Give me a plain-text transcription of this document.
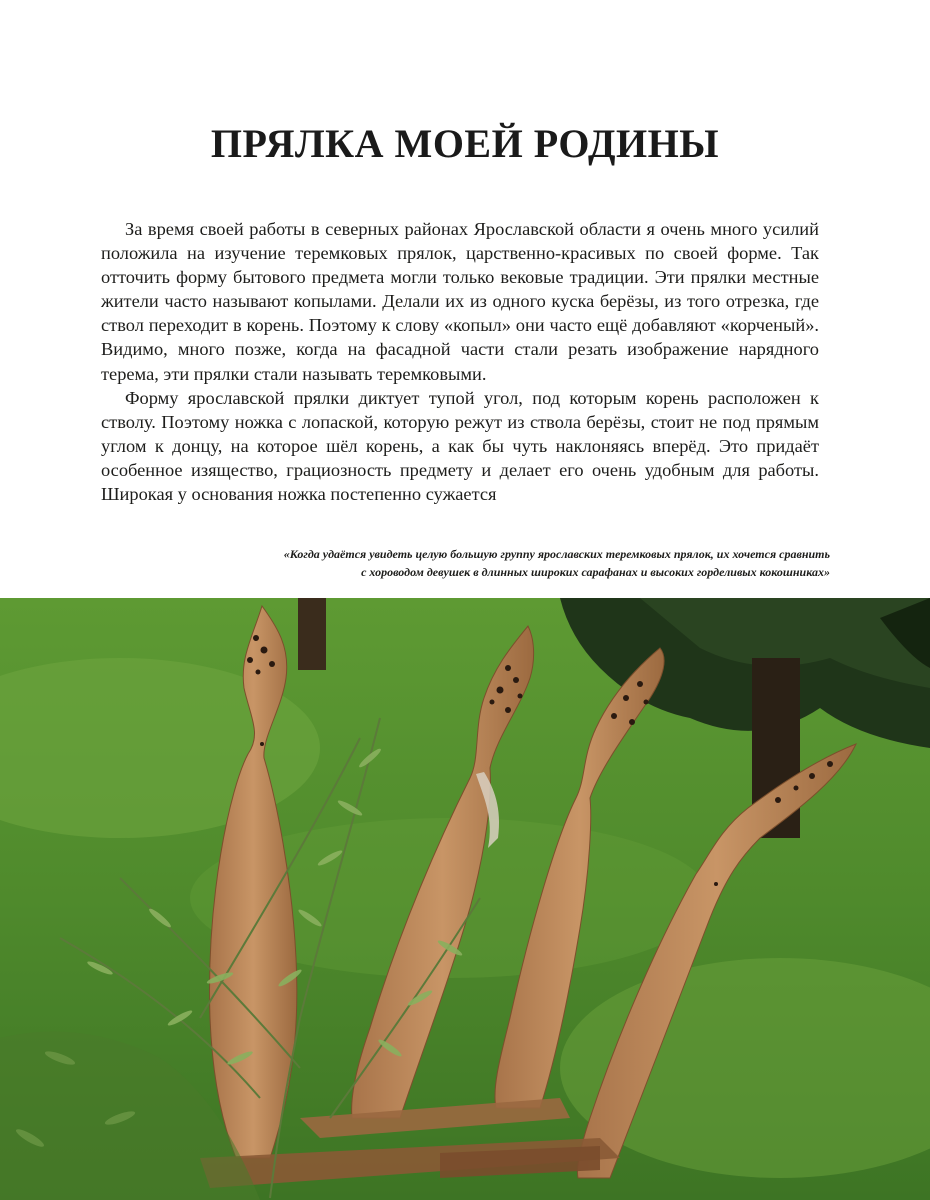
ПРЯЛКА МОЕЙ РОДИНЫ

За время своей работы в северных районах Ярославской области я очень много усилий положила на изучение теремковых прялок, царственно-красивых по своей форме. Так отточить форму бытового предмета могли только вековые традиции. Эти прялки местные жители часто называют копылами. Делали их из одного куска берёзы, из того отрезка, где ствол переходит в корень. Поэтому к слову «копыл» они часто ещё добавляют «корченый». Видимо, много позже, когда на фасадной части стали резать изображение нарядного терема, эти прялки стали называть теремковыми.

Форму ярославской прялки диктует тупой угол, под которым корень расположен к стволу. Поэтому ножка с лопаской, которую режут из ствола берёзы, стоит не под прямым углом к донцу, на которое шёл корень, а как бы чуть наклоняясь вперёд. Это придаёт особенное изящество, грациозность предмету и делает его очень удобным для работы. Широкая у основания ножка постепенно сужается

«Когда удаётся увидеть целую большую группу ярославских теремковых прялок, их хочется сравнить
с хороводом девушек в длинных широких сарафанах и высоких горделивых кокошниках»
